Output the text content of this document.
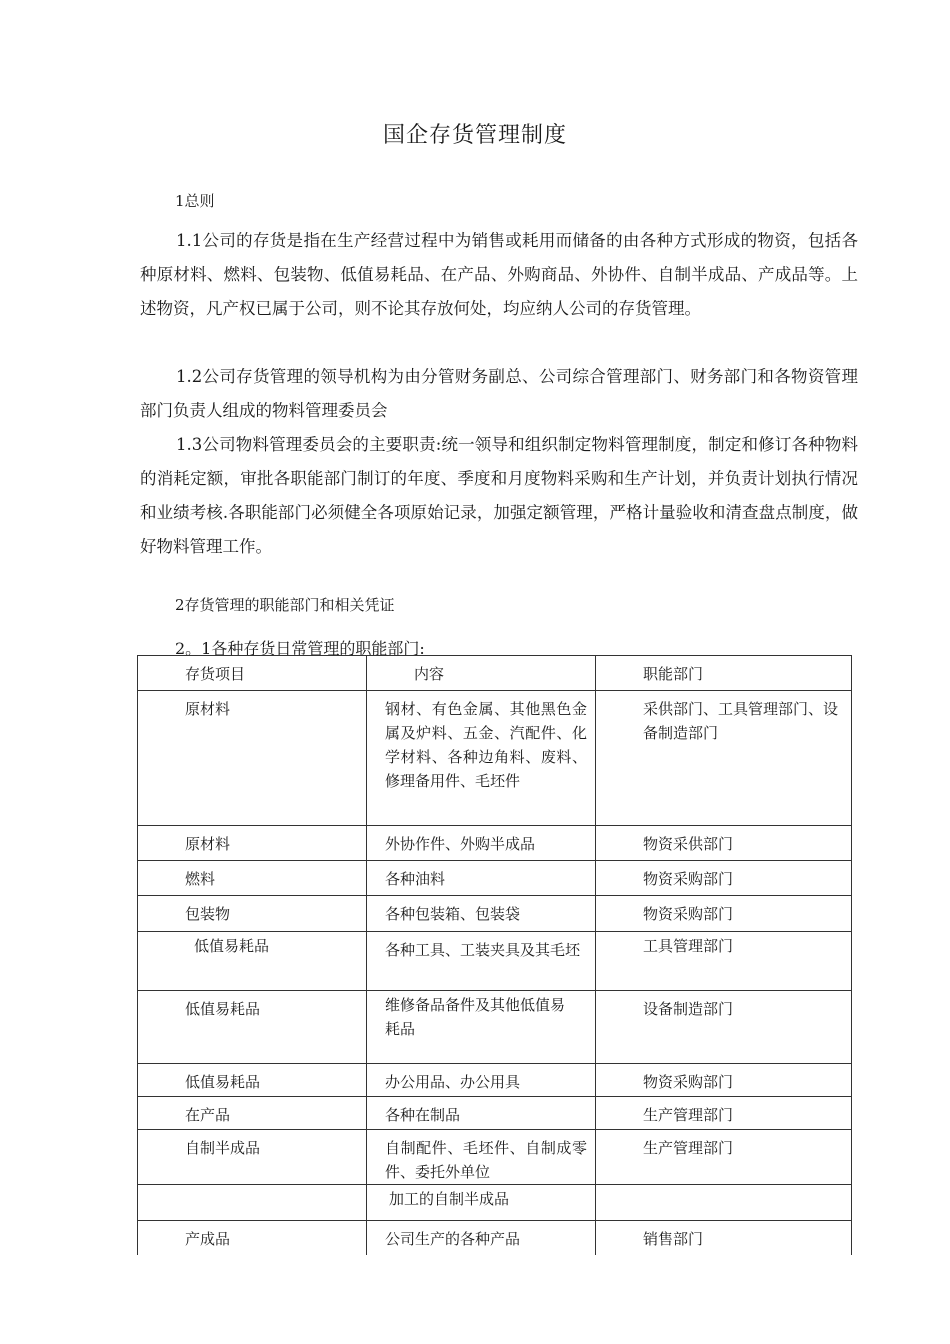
国企存货管理制度
1总则

1.1公司的存货是指在生产经营过程中为销售或耗用而储备的由各种方式形成的物资，包括各种原材料、燃料、包装物、低值易耗品、在产品、外购商品、外协件、自制半成品、产成品等。上述物资，凡产权已属于公司，则不论其存放何处，均应纳人公司的存货管理。

1.2公司存货管理的领导机构为由分管财务副总、公司综合管理部门、财务部门和各物资管理部门负责人组成的物料管理委员会

1.3公司物料管理委员会的主要职责:统一领导和组织制定物料管理制度，制定和修订各种物料的消耗定额，审批各职能部门制订的年度、季度和月度物料采购和生产计划，并负责计划执行情况和业绩考核.各职能部门必须健全各项原始记录，加强定额管理，严格计量验收和清查盘点制度，做好物料管理工作。

2存货管理的职能部门和相关凭证
2。1各种存货日常管理的职能部门:
存货项目	内容	职能部门

原材料	钢材、有色金属、其他黑色金属及炉料、五金、汽配件、化学材料、各种边角料、废料、修理备用件、毛坯件	采供部门、工具管理部门、设备制造部门

原材料	外协作件、外购半成品	物资采供部门

燃料	各种油料	物资采购部门

包装物	各种包装箱、包装袋	物资采购部门

低值易耗品	各种工具、工装夹具及其毛坯	工具管理部门

低值易耗品	维修备品备件及其他低值易耗品	设备制造部门

低值易耗品	办公用品、办公用具	物资采购部门

在产品	各种在制品	生产管理部门

自制半成品	自制配件、毛坯件、自制成零件、委托外单位	生产管理部门

	加工的自制半成品	

产成品	公司生产的各种产品	销售部门
